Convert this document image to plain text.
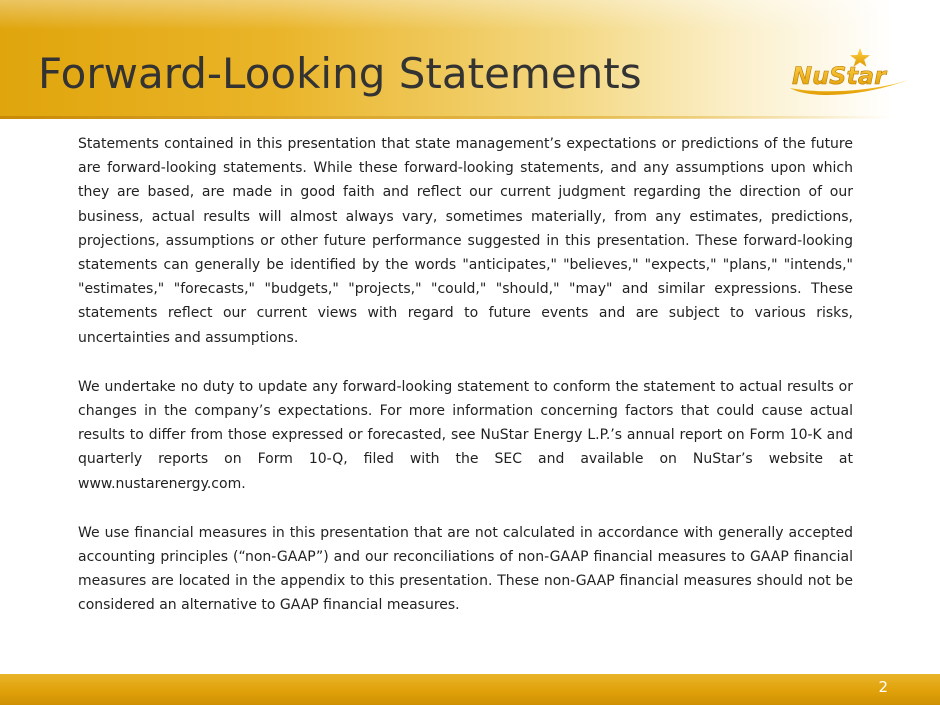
Forward-Looking Statements	NuStar

Statements contained in this presentation that state management’s expectations or predictions of the future are forward-looking statements. While these forward-looking statements, and any assumptions upon which they are based, are made in good faith and reflect our current judgment regarding the direction of our business, actual results will almost always vary, sometimes materially, from any estimates, predictions, projections, assumptions or other future performance suggested in this presentation. These forward-looking statements can generally be identified by the words "anticipates," "believes," "expects," "plans," "intends," "estimates," "forecasts," "budgets," "projects," "could," "should," "may" and similar expressions. These statements reflect our current views with regard to future events and are subject to various risks, uncertainties and assumptions.

We undertake no duty to update any forward-looking statement to conform the statement to actual results or changes in the company’s expectations. For more information concerning factors that could cause actual results to differ from those expressed or forecasted, see NuStar Energy L.P.’s annual report on Form 10-K and quarterly reports on Form 10-Q, filed with the SEC and available on NuStar’s website at www.nustarenergy.com.

We use financial measures in this presentation that are not calculated in accordance with generally accepted accounting principles (“non-GAAP”) and our reconciliations of non-GAAP financial measures to GAAP financial measures are located in the appendix to this presentation. These non-GAAP financial measures should not be considered an alternative to GAAP financial measures.

2
